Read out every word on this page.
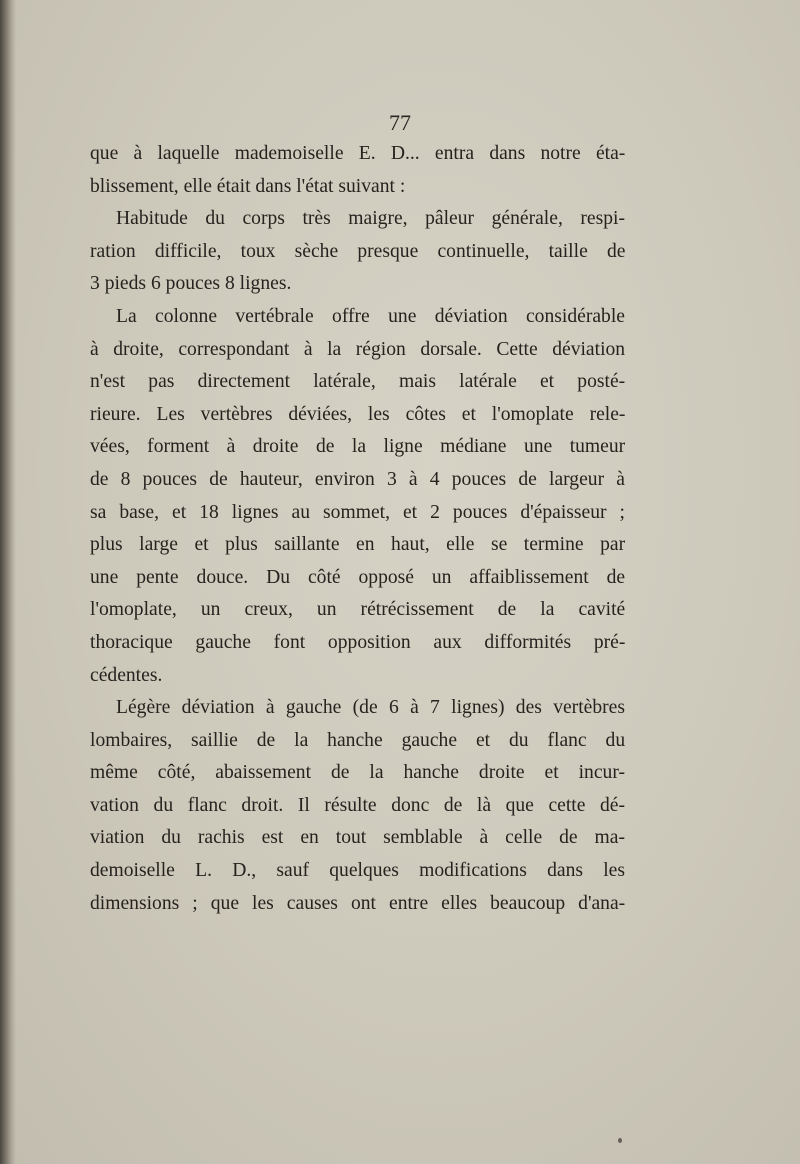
77

que à laquelle mademoiselle E. D... entra dans notre éta-
blissement, elle était dans l'état suivant :

Habitude du corps très maigre, pâleur générale, respi-
ration difficile, toux sèche presque continuelle, taille de
3 pieds 6 pouces 8 lignes.

La colonne vertébrale offre une déviation considérable
à droite, correspondant à la région dorsale. Cette déviation
n'est pas directement latérale, mais latérale et posté-
rieure. Les vertèbres déviées, les côtes et l'omoplate rele-
vées, forment à droite de la ligne médiane une tumeur
de 8 pouces de hauteur, environ 3 à 4 pouces de largeur à
sa base, et 18 lignes au sommet, et 2 pouces d'épaisseur ;
plus large et plus saillante en haut, elle se termine par
une pente douce. Du côté opposé un affaiblissement de
l'omoplate, un creux, un rétrécissement de la cavité
thoracique gauche font opposition aux difformités pré-
cédentes.

Légère déviation à gauche (de 6 à 7 lignes) des vertèbres
lombaires, saillie de la hanche gauche et du flanc du
même côté, abaissement de la hanche droite et incur-
vation du flanc droit. Il résulte donc de là que cette dé-
viation du rachis est en tout semblable à celle de ma-
demoiselle L. D., sauf quelques modifications dans les
dimensions ; que les causes ont entre elles beaucoup d'ana-
